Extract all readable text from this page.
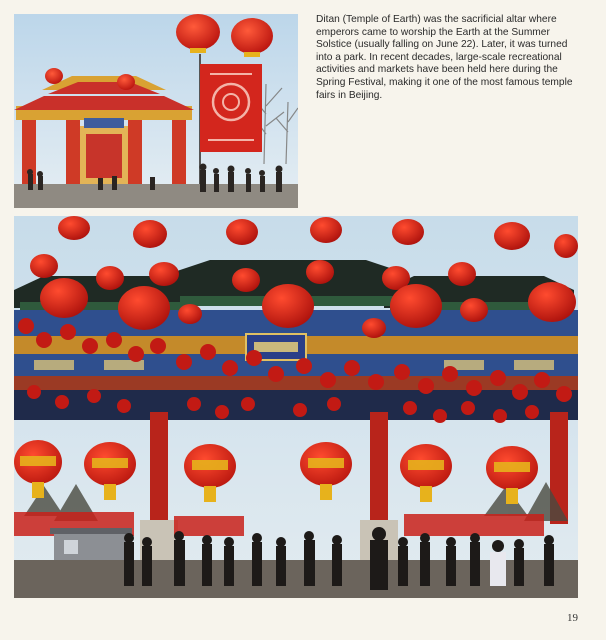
Ditan (Temple of Earth) was the sacrificial altar where emperors came to worship the Earth at the Summer Solstice (usually falling on June 22). Later, it was turned into a park. In recent decades, large-scale recreational activities and markets have been held here during the Spring Festival, making it one of the most famous temple fairs in Beijing.
19
